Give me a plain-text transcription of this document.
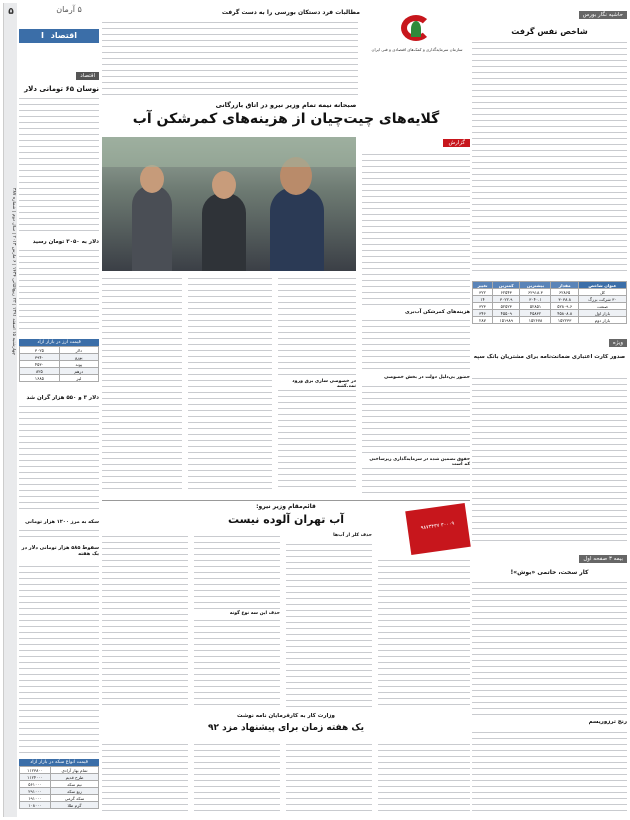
۵
چهارشنبه ۱۵ اسفند ۱۳۹۱ | ۲۳ ربیع‌الثانی ۱۴۳۴ | ۶ مارس ۲۰۱۳ | سال دوم | شماره ۳۸۷
۵ آرمان
اقتصاد I
اقتصاد
نوسان ۶۵ تومانی دلار
دلار به ۳۰۵۰ تومان رسید
قیمت ارز در بازار آزاد
دلار	۳۰۲۵
یورو	۳۹۴۰
پوند	۴۵۳۰
درهم	۸۲۵
لیر	۱۶۸۵
دلار ۳ و ۵۵۰ هزار گران شد
سکه به مرز ۱۲۰۰ هزار تومانی
سقوط ۵۸۵ هزار تومانی دلار در یک هفته
قیمت انواع سکه در بازار آزاد
تمام بهار آزادی	۱۱۲۳۸۰۰
طرح قدیم	۱۱۲۴۰۰۰
نیم سکه	۵۶۱۰۰۰
ربع سکه	۲۹۱۰۰۰
سکه گرمی	۱۹۱۰۰۰
گرم طلا	۱۰۸۰۰۰
حاشیه نگار بورس
شاخص نفس گرفت
عنوان شاخص	مقدار	بیشترین	کمترین	تغییر
کل	۶۲۸۶۵	۶۲۹۱۸.۳	۶۲۵۴۳	۳۲۲
۳۰ شرکت بزرگ	۳۰۳۸.۸	۳۰۴۰.۱	۳۰۲۲.۹	۱۴
صنعت	۵۲۸۰۹.۶	۵۲۸۵۱	۵۲۵۲۳	۳۲۳
بازار اول	۴۵۸۰۸.۸	۴۵۸۳۲	۴۵۵۰۹	۳۴۶
بازار دوم	۱۵۲۲۳۳	۱۵۲۶۷۸	۱۵۱۹۸۹	۲۸۷
ویژه
صدور کارت اعتباری ضمانت‌نامه برای مشتریان بانک سپه
بیمه ۳ صفحه اول
کار سخت، خاتمی «بوش»!
رنج ترزوریسم
مطالبات فرد دستکان بورسی را به دست گرفت
سازمان سرمایه‌گذاری و کمک‌های اقتصادی و فنی ایران
صبحانه نیمه تمام وزیر نیرو در اتاق بازرگانی
گلایه‌های چیت‌چیان از هزینه‌های کمرشکن آب
گزارش
هزینه‌های کمرشکن آب‌بری
در خصوصی سازی برق ورود
حضور بی‌دلیل دولت در بخش خصوصی
حقوق تضمین‌ شده در سرمایه‌گذاری زیرساختی
۳۰۰۰۹ ۹۸۷۳۴۳۷
قائم‌مقام وزیر نیرو:
آب تهران آلوده نیست
حذف کلر از آب‌ها
حذف این سه نوع گونه
وزارت کار به کارفرمایان نامه نوشت
یک هفته زمان برای پیشنهاد مزد ۹۲
